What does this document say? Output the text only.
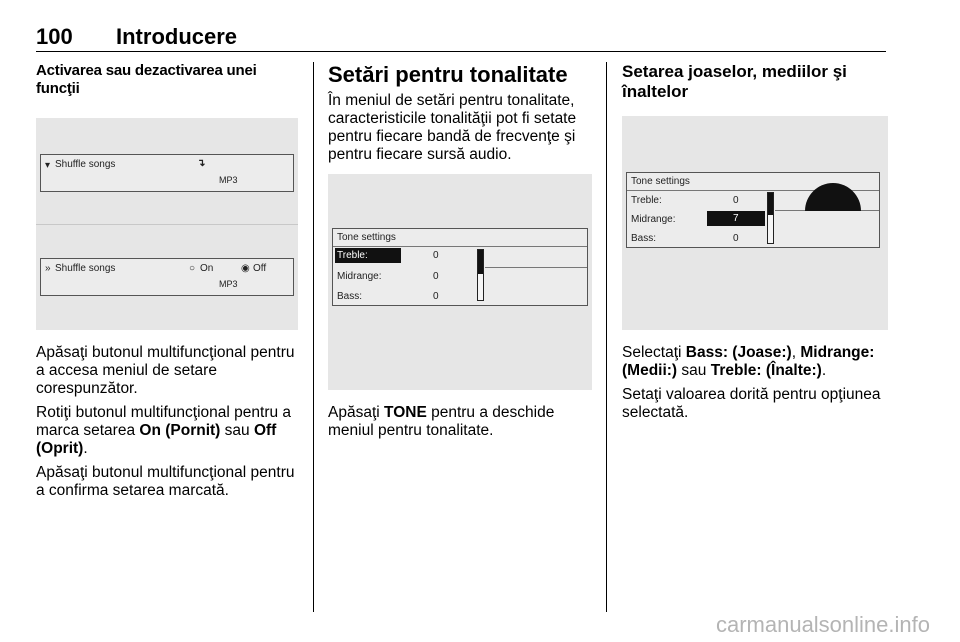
100 Introducere
Activarea sau dezactivarea unei funcţii
▾ Shuffle songs	↴
MP3
» Shuffle songs	○ On	◉ Off
MP3

Apăsaţi butonul multifuncţional pentru a accesa meniul de setare corespunzător.

Rotiţi butonul multifuncţional pentru a marca setarea On (Pornit) sau Off (Oprit).

Apăsaţi butonul multifuncţional pentru a confirma setarea marcată.

Setări pentru tonalitate

În meniul de setări pentru tonalitate, caracteristicile tonalităţii pot fi setate pentru fiecare bandă de frecvenţe şi pentru fiecare sursă audio.

Tone settings
Treble:	0
Midrange:	0
Bass:	0

Apăsaţi TONE pentru a deschide meniul pentru tonalitate.

Setarea joaselor, mediilor şi înaltelor
Tone settings
Treble:	0
Midrange:	7
Bass:	0

Selectaţi Bass: (Joase:), Midrange: (Medii:) sau Treble: (Înalte:).

Setaţi valoarea dorită pentru opţiunea selectată.

carmanualsonline.info
